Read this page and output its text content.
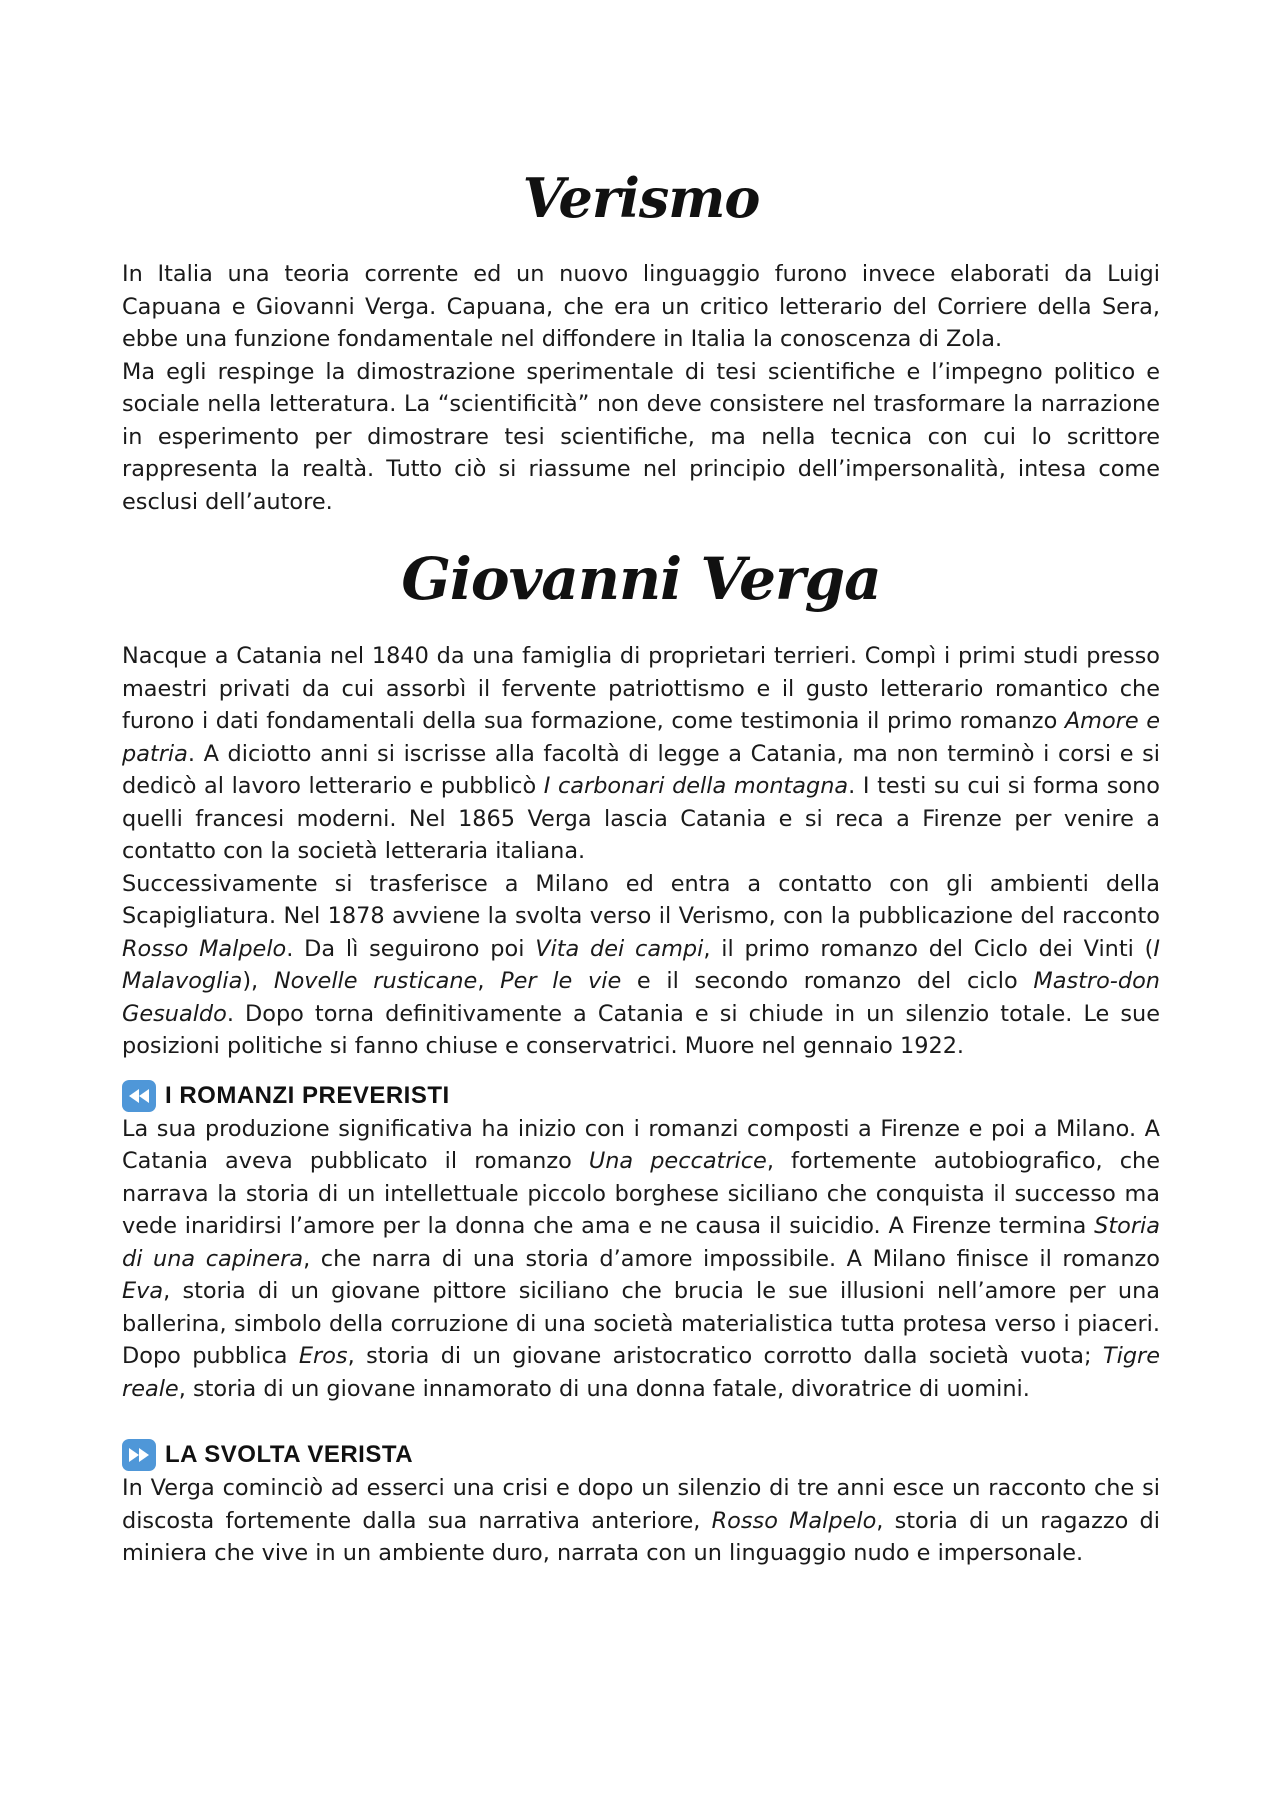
Verismo

In Italia una teoria corrente ed un nuovo linguaggio furono invece elaborati da Luigi Capuana e Giovanni Verga. Capuana, che era un critico letterario del Corriere della Sera, ebbe una funzione fondamentale nel diffondere in Italia la conoscenza di Zola.

Ma egli respinge la dimostrazione sperimentale di tesi scientifiche e l’impegno politico e sociale nella letteratura. La “scientificità” non deve consistere nel trasformare la narrazione in esperimento per dimostrare tesi scientifiche, ma nella tecnica con cui lo scrittore rappresenta la realtà. Tutto ciò si riassume nel principio dell’impersonalità, intesa come esclusi dell’autore.

Giovanni Verga

Nacque a Catania nel 1840 da una famiglia di proprietari terrieri. Compì i primi studi presso maestri privati da cui assorbì il fervente patriottismo e il gusto letterario romantico che furono i dati fondamentali della sua formazione, come testimonia il primo romanzo Amore e patria. A diciotto anni si iscrisse alla facoltà di legge a Catania, ma non terminò i corsi e si dedicò al lavoro letterario e pubblicò I carbonari della montagna. I testi su cui si forma sono quelli francesi moderni. Nel 1865 Verga lascia Catania e si reca a Firenze per venire a contatto con la società letteraria italiana.

Successivamente si trasferisce a Milano ed entra a contatto con gli ambienti della Scapigliatura. Nel 1878 avviene la svolta verso il Verismo, con la pubblicazione del racconto Rosso Malpelo. Da lì seguirono poi Vita dei campi, il primo romanzo del Ciclo dei Vinti (I Malavoglia), Novelle rusticane, Per le vie e il secondo romanzo del ciclo Mastro-don Gesualdo. Dopo torna definitivamente a Catania e si chiude in un silenzio totale. Le sue posizioni politiche si fanno chiuse e conservatrici. Muore nel gennaio 1922.

I ROMANZI PREVERISTI

La sua produzione significativa ha inizio con i romanzi composti a Firenze e poi a Milano. A Catania aveva pubblicato il romanzo Una peccatrice, fortemente autobiografico, che narrava la storia di un intellettuale piccolo borghese siciliano che conquista il successo ma vede inaridirsi l’amore per la donna che ama e ne causa il suicidio. A Firenze termina Storia di una capinera, che narra di una storia d’amore impossibile. A Milano finisce il romanzo Eva, storia di un giovane pittore siciliano che brucia le sue illusioni nell’amore per una ballerina, simbolo della corruzione di una società materialistica tutta protesa verso i piaceri. Dopo pubblica Eros, storia di un giovane aristocratico corrotto dalla società vuota; Tigre reale, storia di un giovane innamorato di una donna fatale, divoratrice di uomini.

LA SVOLTA VERISTA

In Verga cominciò ad esserci una crisi e dopo un silenzio di tre anni esce un racconto che si discosta fortemente dalla sua narrativa anteriore, Rosso Malpelo, storia di un ragazzo di miniera che vive in un ambiente duro, narrata con un linguaggio nudo e impersonale.
